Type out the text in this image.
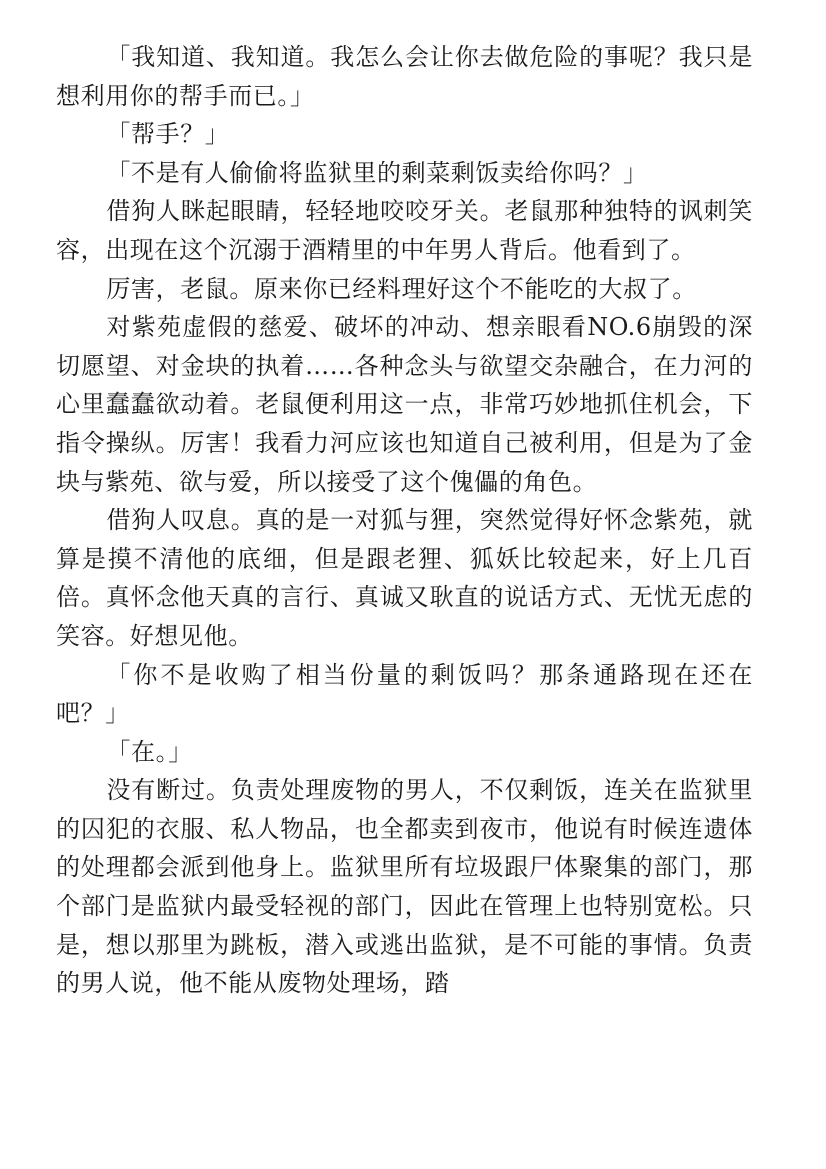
「我知道、我知道。我怎么会让你去做危险的事呢？我只是想利用你的帮手而已。」

「帮手？」

「不是有人偷偷将监狱里的剩菜剩饭卖给你吗？」

借狗人眯起眼睛，轻轻地咬咬牙关。老鼠那种独特的讽刺笑容，出现在这个沉溺于酒精里的中年男人背后。他看到了。

厉害，老鼠。原来你已经料理好这个不能吃的大叔了。

对紫苑虚假的慈爱、破坏的冲动、想亲眼看NO.6崩毁的深切愿望、对金块的执着……各种念头与欲望交杂融合，在力河的心里蠢蠢欲动着。老鼠便利用这一点，非常巧妙地抓住机会，下指令操纵。厉害！我看力河应该也知道自己被利用，但是为了金块与紫苑、欲与爱，所以接受了这个傀儡的角色。

借狗人叹息。真的是一对狐与狸，突然觉得好怀念紫苑，就算是摸不清他的底细，但是跟老狸、狐妖比较起来，好上几百倍。真怀念他天真的言行、真诚又耿直的说话方式、无忧无虑的笑容。好想见他。

「你不是收购了相当份量的剩饭吗？那条通路现在还在吧？」

「在。」

没有断过。负责处理废物的男人，不仅剩饭，连关在监狱里的囚犯的衣服、私人物品，也全都卖到夜市，他说有时候连遗体的处理都会派到他身上。监狱里所有垃圾跟尸体聚集的部门，那个部门是监狱内最受轻视的部门，因此在管理上也特别宽松。只是，想以那里为跳板，潜入或逃出监狱，是不可能的事情。负责的男人说，他不能从废物处理场，踏
